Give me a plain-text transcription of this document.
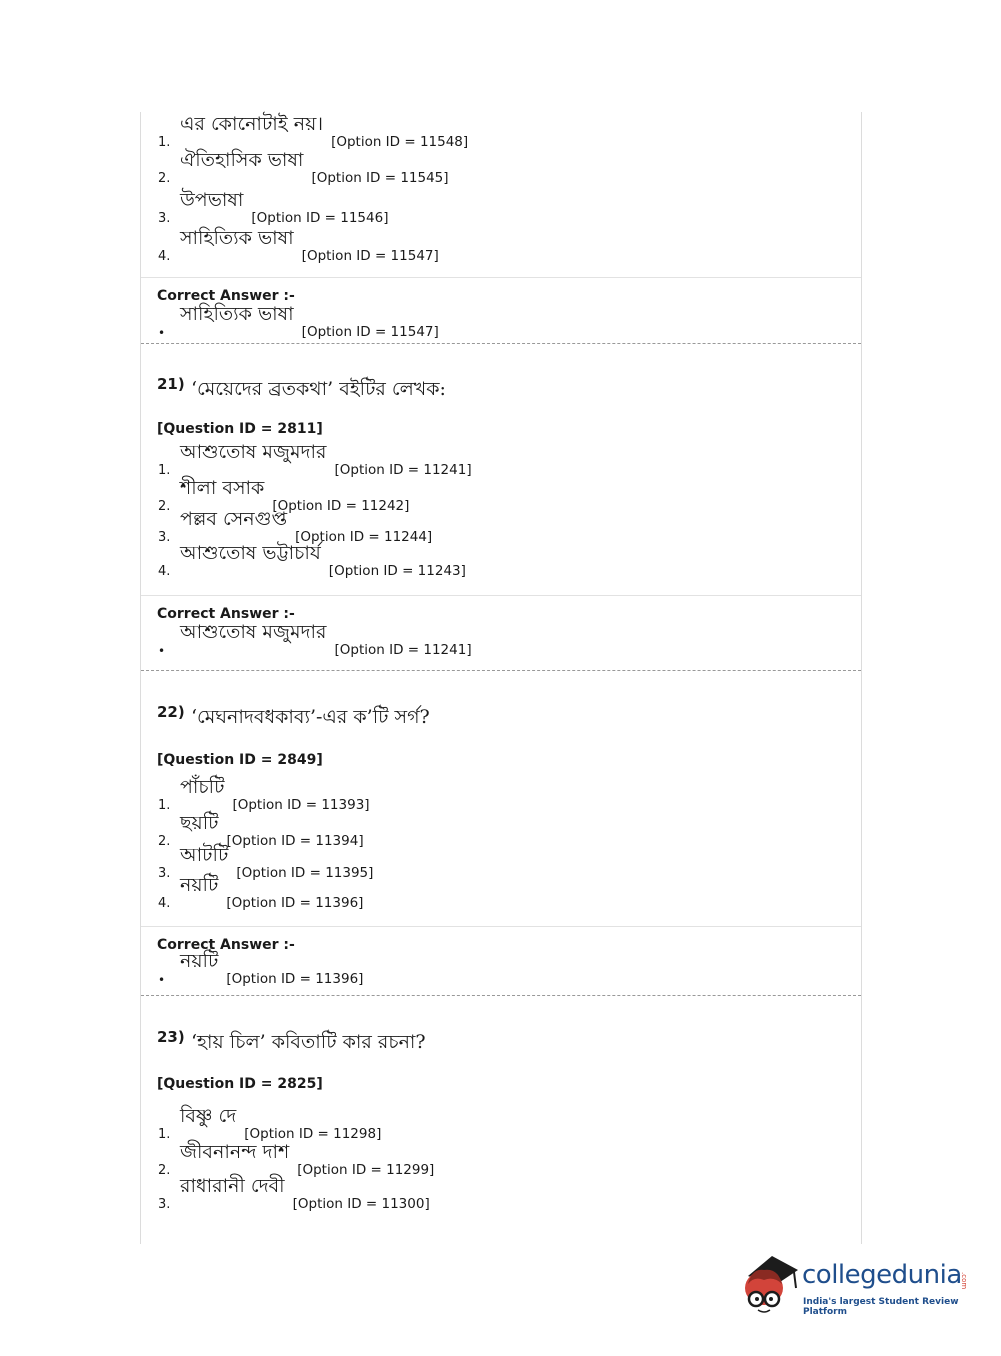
1.
এর কোনোটাই নয়।
[Option ID = 11548]
2.
ঐতিহাসিক ভাষা
[Option ID = 11545]
3.
উপভাষা
[Option ID = 11546]
4.
সাহিত্যিক ভাষা
[Option ID = 11547]
Correct Answer :-
•
সাহিত্যিক ভাষা
[Option ID = 11547]
21) ‘মেয়েদের ব্রতকথা’ বইটির লেখক:
[Question ID = 2811]
1.
আশুতোষ মজুমদার
[Option ID = 11241]
2.
শীলা বসাক
[Option ID = 11242]
3.
পল্লব সেনগুপ্ত
[Option ID = 11244]
4.
আশুতোষ ভট্টাচার্য
[Option ID = 11243]
Correct Answer :-
•
আশুতোষ মজুমদার
[Option ID = 11241]
22) ‘মেঘনাদবধকাব্য’-এর ক’টি সর্গ?
[Question ID = 2849]
1.
পাঁচটি
[Option ID = 11393]
2.
ছয়টি
[Option ID = 11394]
3.
আটটি
[Option ID = 11395]
4.
নয়টি
[Option ID = 11396]
Correct Answer :-
•
নয়টি
[Option ID = 11396]
23) ‘হায় চিল’ কবিতাটি কার রচনা?
[Question ID = 2825]
1.
বিষ্ণু দে
[Option ID = 11298]
2.
জীবনানন্দ দাশ
[Option ID = 11299]
3.
রাধারানী দেবী
[Option ID = 11300]
collegedunia
.com
India's largest Student Review Platform
